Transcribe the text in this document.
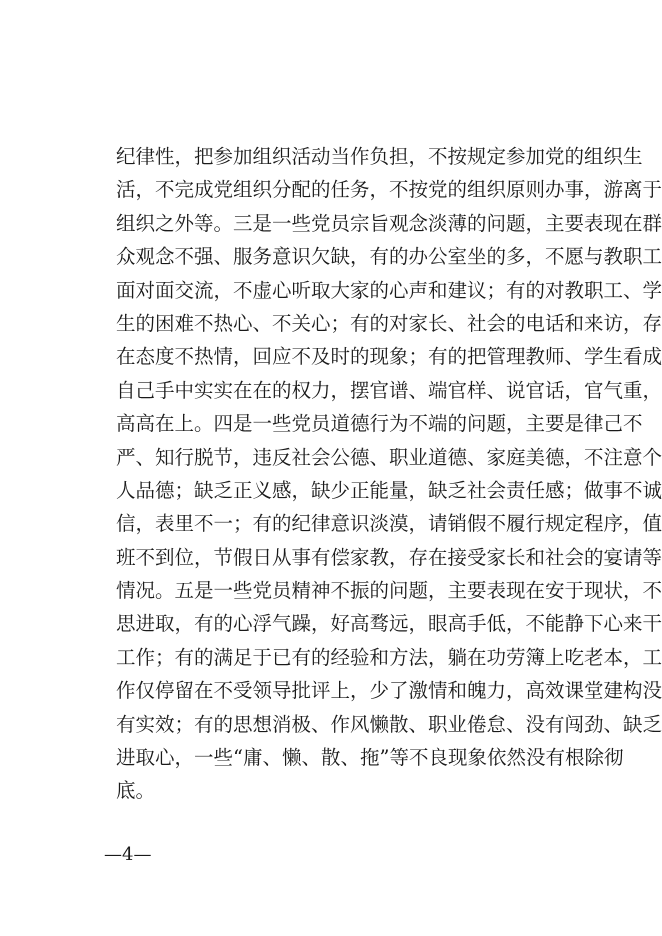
纪律性，把参加组织活动当作负担，不按规定参加党的组织生
活，不完成党组织分配的任务，不按党的组织原则办事，游离于
组织之外等。三是一些党员宗旨观念淡薄的问题，主要表现在群
众观念不强、服务意识欠缺，有的办公室坐的多，不愿与教职工
面对面交流，不虚心听取大家的心声和建议；有的对教职工、学
生的困难不热心、不关心；有的对家长、社会的电话和来访，存
在态度不热情，回应不及时的现象；有的把管理教师、学生看成
自己手中实实在在的权力，摆官谱、端官样、说官话，官气重，
高高在上。四是一些党员道德行为不端的问题，主要是律己不
严、知行脱节，违反社会公德、职业道德、家庭美德，不注意个
人品德；缺乏正义感，缺少正能量，缺乏社会责任感；做事不诚
信，表里不一；有的纪律意识淡漠，请销假不履行规定程序，值
班不到位，节假日从事有偿家教，存在接受家长和社会的宴请等
情况。五是一些党员精神不振的问题，主要表现在安于现状，不
思进取，有的心浮气躁，好高骛远，眼高手低，不能静下心来干
工作；有的满足于已有的经验和方法，躺在功劳簿上吃老本，工
作仅停留在不受领导批评上，少了激情和魄力，高效课堂建构没
有实效；有的思想消极、作风懒散、职业倦怠、没有闯劲、缺乏
进取心，一些“庸、懒、散、拖”等不良现象依然没有根除彻
底。
—4—
